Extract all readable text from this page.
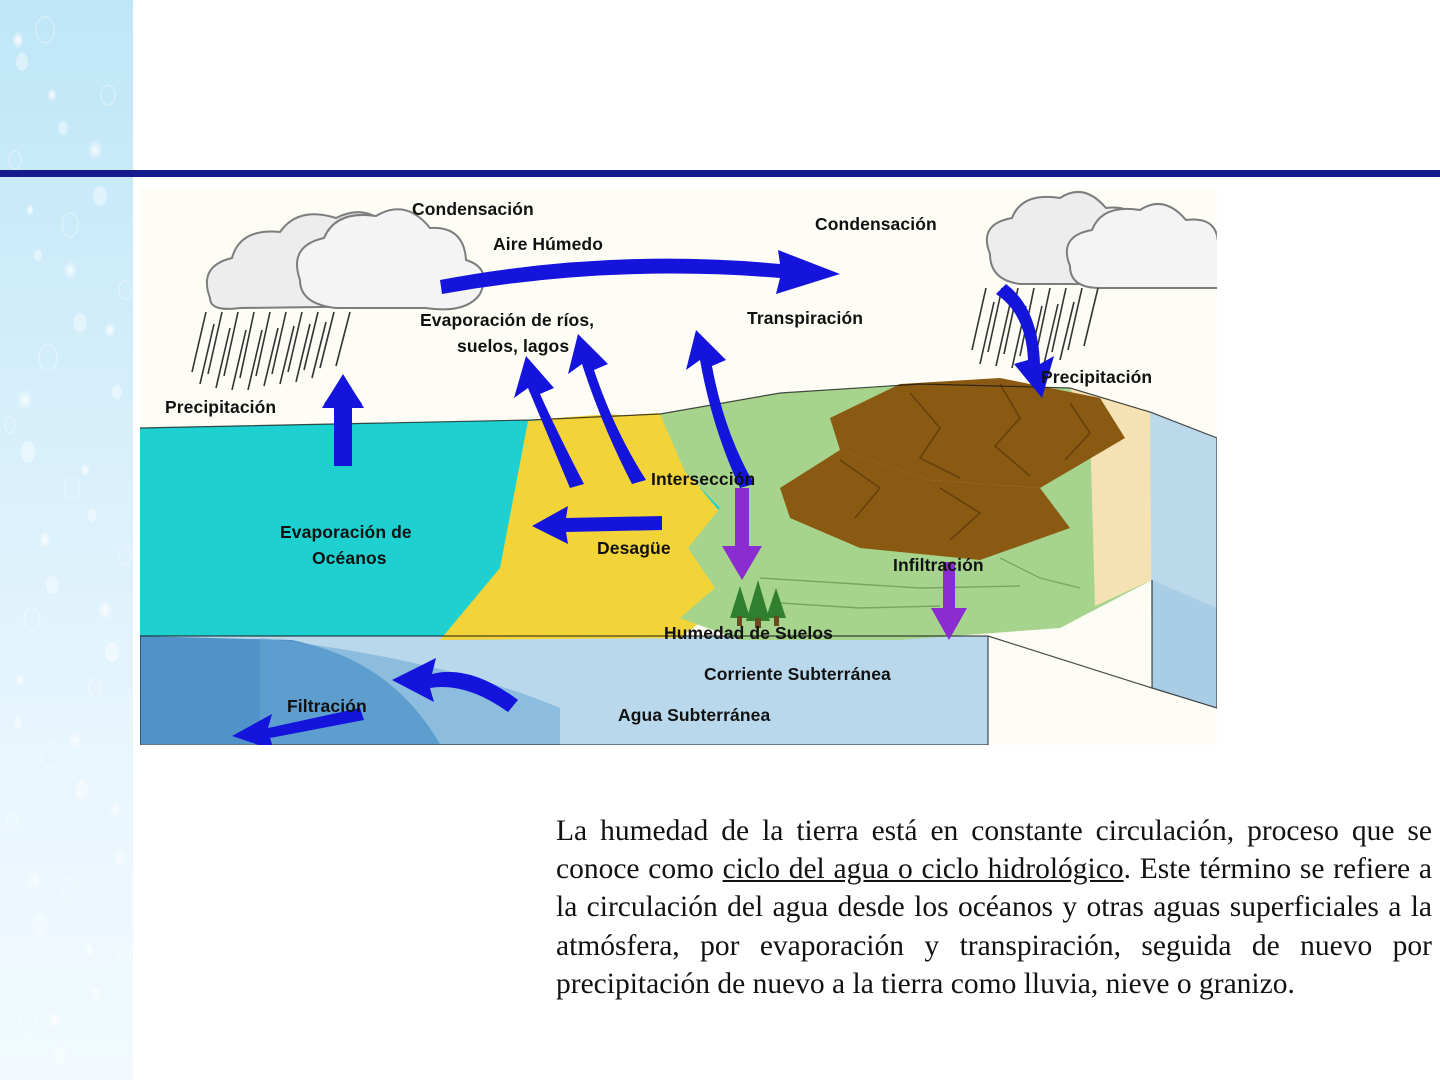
Condensación
Aire Húmedo
Condensación
Evaporación de ríos,
suelos, lagos
Transpiración
Precipitación
Precipitación
Intersección
Evaporación de
Océanos	Desagüe
Infiltración
Humedad de Suelos
Corriente Subterránea
Agua Subterránea
Filtración

La humedad de la tierra está en constante circulación, proceso que se conoce como ciclo del agua o ciclo hidrológico. Este término se refiere a la circulación del agua desde los océanos y otras aguas superficiales a la atmósfera, por evaporación y transpiración, seguida de nuevo por precipitación de nuevo a la tierra como lluvia, nieve o granizo.
